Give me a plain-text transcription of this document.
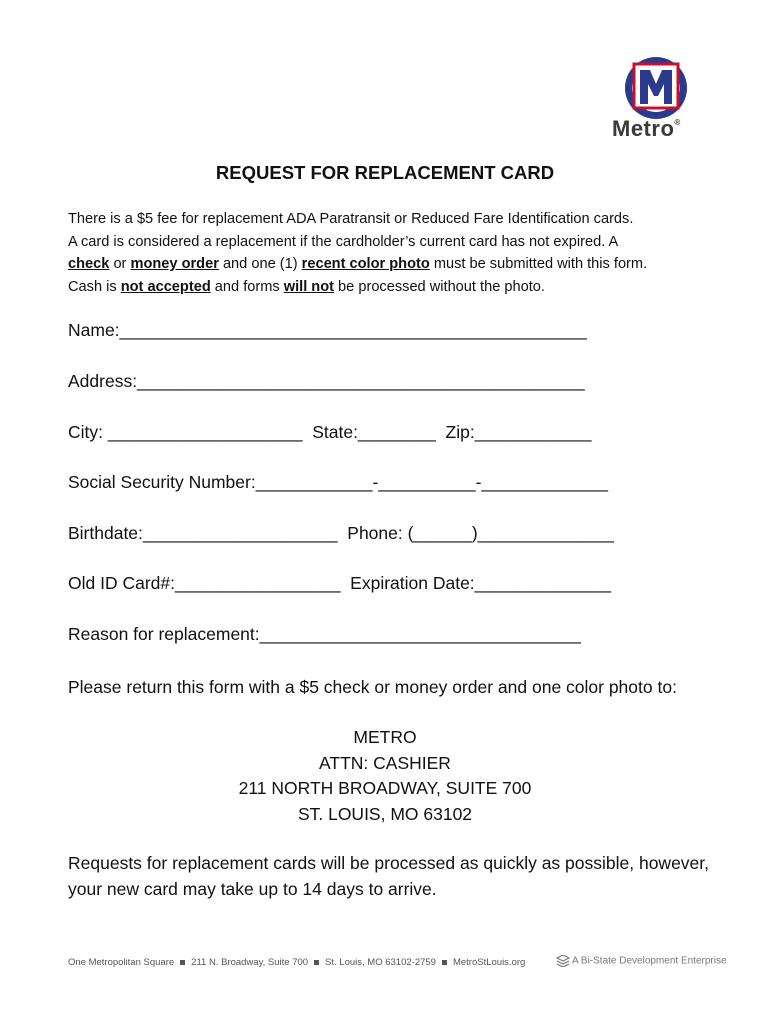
Metro®
REQUEST FOR REPLACEMENT CARD
There is a $5 fee for replacement ADA Paratransit or Reduced Fare Identification cards.
A card is considered a replacement if the cardholder’s current card has not expired. A
check or money order and one (1) recent color photo must be submitted with this form.
Cash is not accepted and forms will not be processed without the photo.
Name:________________________________________________
Address:______________________________________________
City: ____________________  State:________  Zip:____________
Social Security Number:____________-__________-_____________
Birthdate:____________________  Phone: (______)______________
Old ID Card#:_________________  Expiration Date:______________
Reason for replacement:_________________________________
Please return this form with a $5 check or money order and one color photo to:
METRO
ATTN: CASHIER
211 NORTH BROADWAY, SUITE 700
ST. LOUIS, MO 63102
Requests for replacement cards will be processed as quickly as possible, however, your new card may take up to 14 days to arrive.
One Metropolitan Square 211 N. Broadway, Suite 700 St. Louis, MO 63102-2759 MetroStLouis.org	A Bi-State Development Enterprise
